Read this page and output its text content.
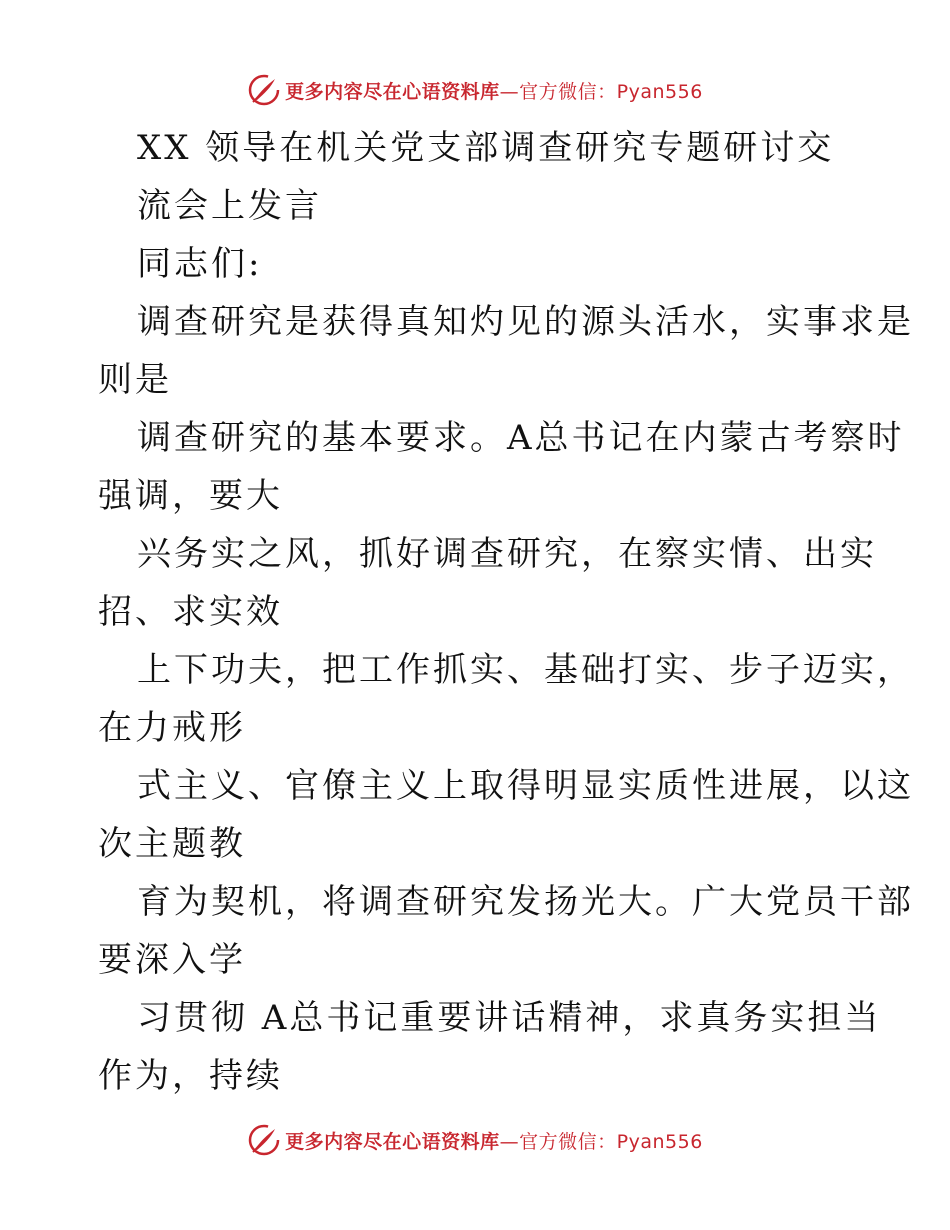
更多内容尽在心语资料库—官方微信：Pyan556
XX 领导在机关党支部调查研究专题研讨交
流会上发言
同志们:
调查研究是获得真知灼见的源头活水，实事求是
则是
调查研究的基本要求。A总书记在内蒙古考察时
强调，要大
兴务实之风，抓好调查研究，在察实情、出实
招、求实效
上下功夫，把工作抓实、基础打实、步子迈实，
在力戒形
式主义、官僚主义上取得明显实质性进展，以这
次主题教
育为契机，将调查研究发扬光大。广大党员干部
要深入学
习贯彻 A总书记重要讲话精神，求真务实担当
作为，持续
更多内容尽在心语资料库—官方微信：Pyan556
